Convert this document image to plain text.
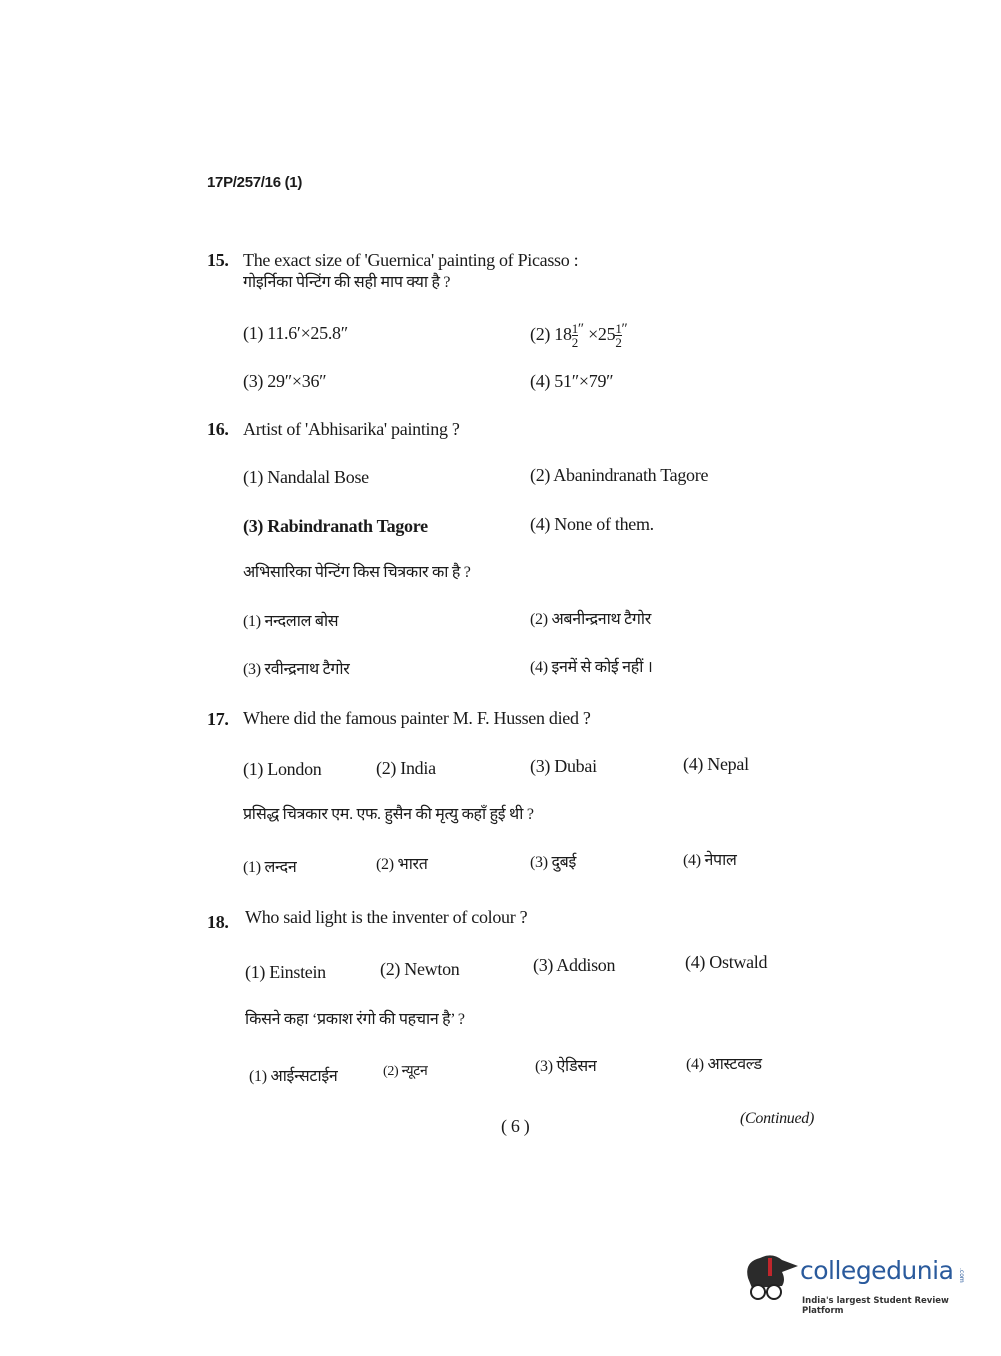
17P/257/16 (1)
15. The exact size of 'Guernica' painting of Picasso :
गोइर्निका पेन्टिंग की सही माप क्या है ?
(1) 11.6′×25.8″	(2) $18 \frac{1}{2} '' \times 25 \frac{1}{2} ''$
(3) 29″×36″	(4) 51″×79″
16. Artist of 'Abhisarika' painting ?
(1) Nandalal Bose	(2) Abanindranath Tagore
(3) Rabindranath Tagore	(4) None of them.
अभिसारिका पेन्टिंग किस चित्रकार का है ?
(1) नन्दलाल बोस	(2) अबनीन्द्रनाथ टैगोर
(3) रवीन्द्रनाथ टैगोर	(4) इनमें से कोई नहीं ।
17. Where did the famous painter M. F. Hussen died ?
(1) London	(2) India	(3) Dubai	(4) Nepal
प्रसिद्ध चित्रकार एम. एफ. हुसैन की मृत्यु कहाँ हुई थी ?
(1) लन्दन	(2) भारत	(3) दुबई	(4) नेपाल
18. Who said light is the inventer of colour ?
(1) Einstein	(2) Newton	(3) Addison	(4) Ostwald
किसने कहा ‘प्रकाश रंगो की पहचान है’ ?
(1) आईन्सटाईन	(2) न्यूटन	(3) ऐडिसन	(4) आस्टवल्ड
( 6 )	(Continued)
collegedunia .com
India's largest Student Review Platform
